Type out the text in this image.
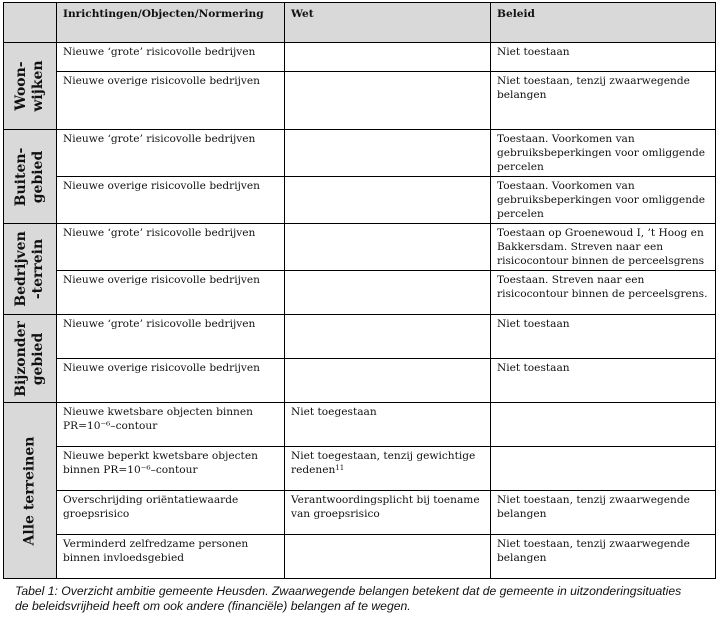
	Inrichtingen/Objecten/Normering	Wet	Beleid

Woon-
wijken	Nieuwe ‘grote’ risicovolle bedrijven		Niet toestaan
	Nieuwe overige risicovolle bedrijven		Niet toestaan, tenzij zwaarwegende belangen

Buiten-
gebied	Nieuwe ‘grote’ risicovolle bedrijven		Toestaan. Voorkomen van gebruiksbeperkingen voor omliggende percelen
	Nieuwe overige risicovolle bedrijven		Toestaan. Voorkomen van gebruiksbeperkingen voor omliggende percelen

Bedrijven
-terrein	Nieuwe ‘grote’ risicovolle bedrijven		Toestaan op Groenewoud I, ’t Hoog en Bakkersdam. Streven naar een risicocontour binnen de perceelsgrens
	Nieuwe overige risicovolle bedrijven		Toestaan. Streven naar een risicocontour binnen de perceelsgrens.

Bijzonder
gebied	Nieuwe ‘grote’ risicovolle bedrijven		Niet toestaan
	Nieuwe overige risicovolle bedrijven		Niet toestaan

Alle terreinen	Nieuwe kwetsbare objecten binnen PR=10⁻⁶–contour	Niet toegestaan	
	Nieuwe beperkt kwetsbare objecten binnen PR=10⁻⁶–contour	Niet toegestaan, tenzij gewichtige redenen$^{11}$	
	Overschrijding oriëntatiewaarde groepsrisico	Verantwoordingsplicht bij toename van groepsrisico	Niet toestaan, tenzij zwaarwegende belangen
	Verminderd zelfredzame personen binnen invloedsgebied		Niet toestaan, tenzij zwaarwegende belangen
Tabel 1: Overzicht ambitie gemeente Heusden. Zwaarwegende belangen betekent dat de gemeente in uitzonderingsituaties de beleidsvrijheid heeft om ook andere (financiële) belangen af te wegen.
